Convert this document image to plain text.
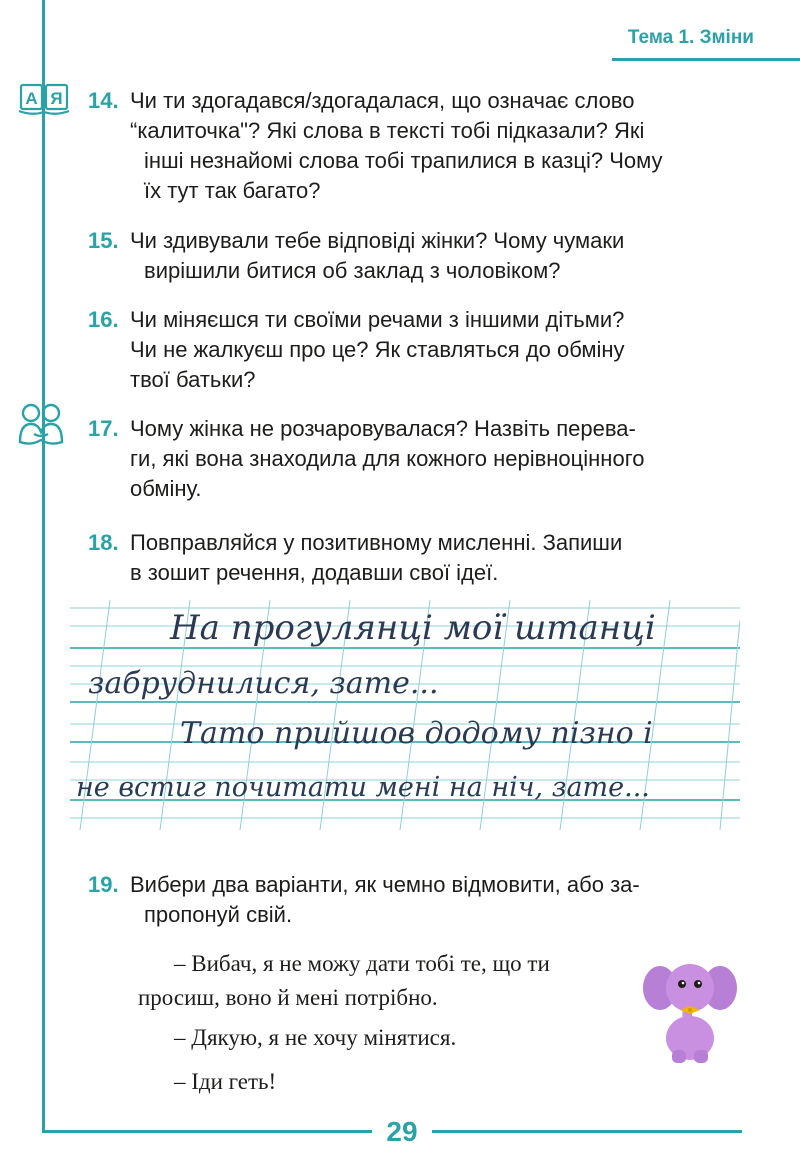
Тема 1. Зміни
А Я 14. Чи ти здогадався/здогадалася, що означає слово
“калиточка"? Які слова в тексті тобі підказали? Які
інші незнайомі слова тобі трапилися в казці? Чому
їх тут так багато?
15. Чи здивували тебе відповіді жінки? Чому чумаки
вирішили битися об заклад з чоловіком?
16. Чи міняєшся ти своїми речами з іншими дітьми?
Чи не жалкуєш про це? Як ставляться до обміну
твої батьки?
17. Чому жінка не розчаровувалася? Назвіть перева-
ги, які вона знаходила для кожного нерівноцінного
обміну.
18. Повправляйся у позитивному мисленні. Запиши
в зошит речення, додавши свої ідеї.
На прогулянці мої штанці
забруднилися, зате...
Тато прийшов додому пізно і
не встиг почитати мені на ніч, зате...
19. Вибери два варіанти, як чемно відмовити, або за-
пропонуй свій.
– Вибач, я не можу дати тобі те, що ти
просиш, воно й мені потрібно.
– Дякую, я не хочу мінятися.
– Іди геть!
29
